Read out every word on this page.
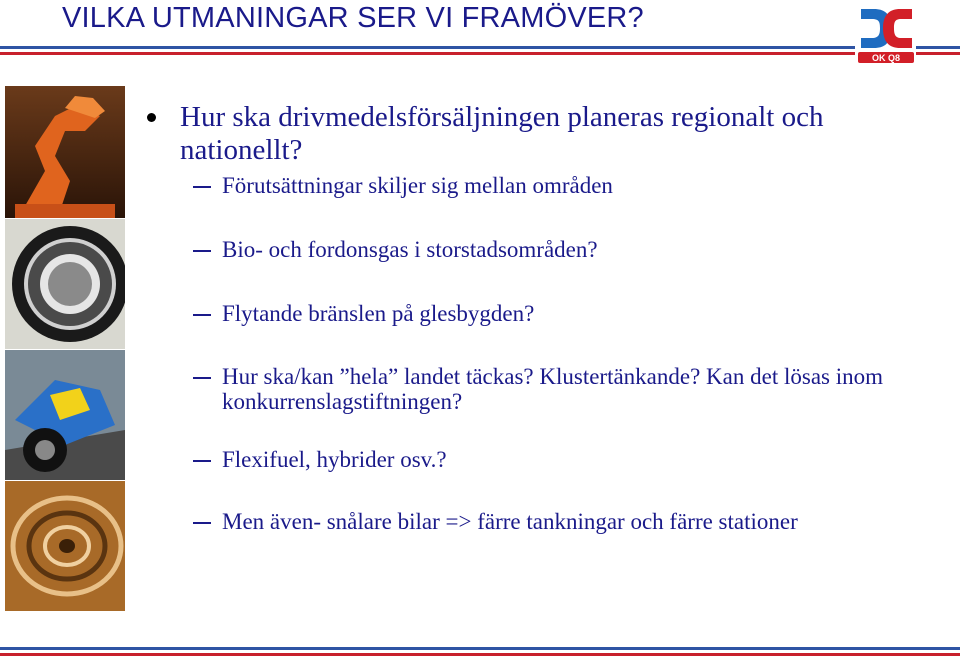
VILKA UTMANINGAR SER VI FRAMÖVER?
OK Q8
Hur ska drivmedelsförsäljningen planeras regionalt och nationellt?
Förutsättningar skiljer sig mellan områden
Bio- och fordonsgas i storstadsområden?
Flytande bränslen på glesbygden?
Hur ska/kan ”hela” landet täckas? Klustertänkande? Kan det lösas inom konkurrenslagstiftningen?
Flexifuel, hybrider osv.?
Men även- snålare bilar => färre tankningar och färre stationer
